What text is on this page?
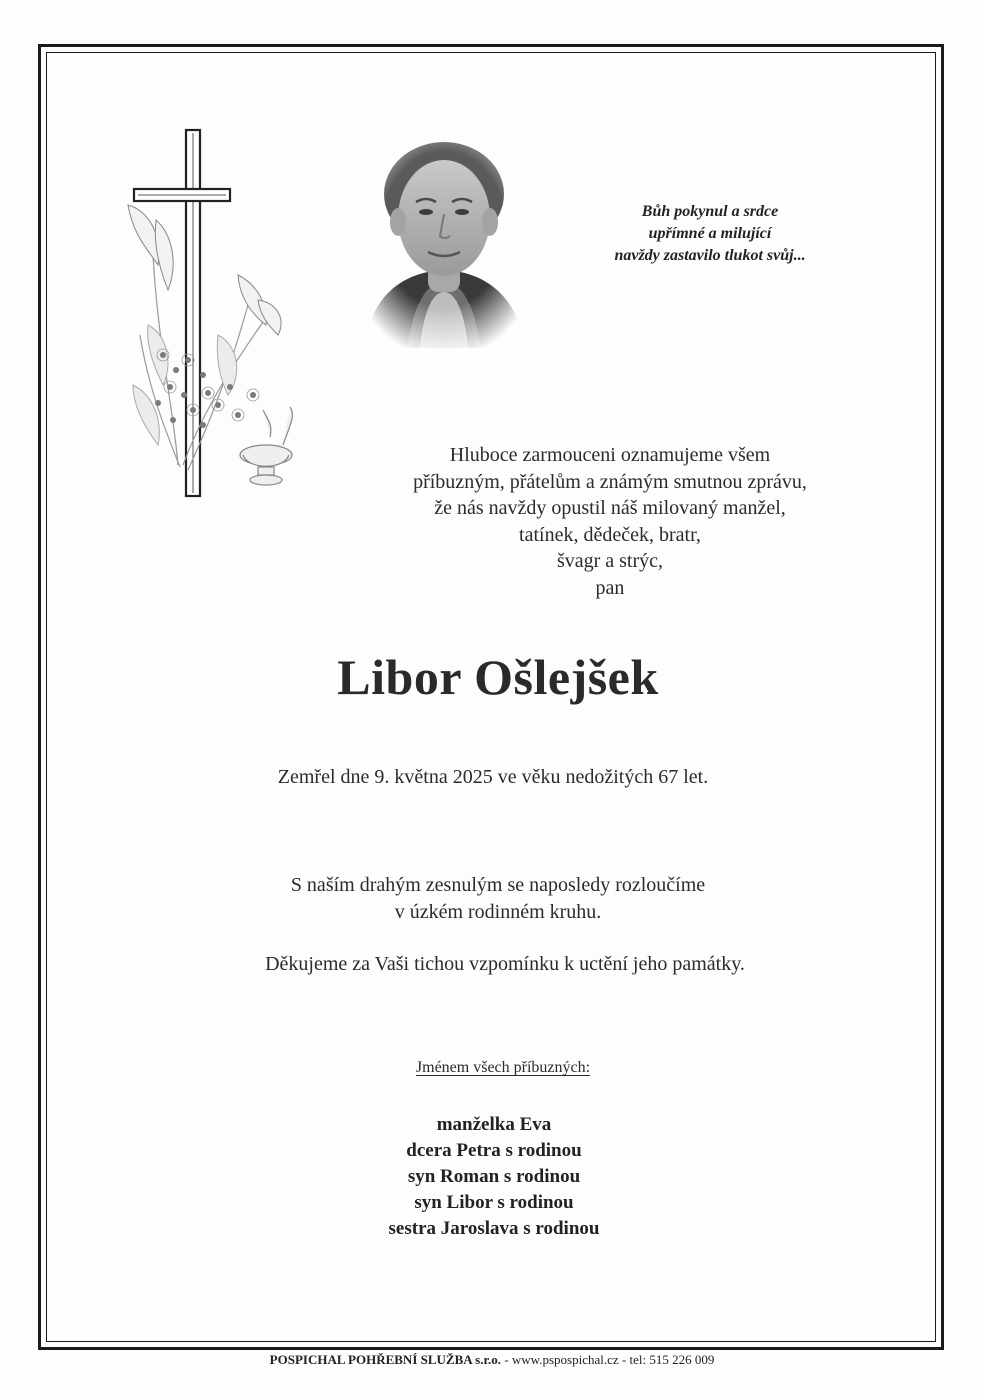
Bůh pokynul a srdce
upřímné a milující
navždy zastavilo tlukot svůj...
Hluboce zarmouceni oznamujeme všem
příbuzným, přátelům a známým smutnou zprávu,
že nás navždy opustil náš milovaný manžel,
tatínek, dědeček, bratr,
švagr a strýc,
pan
Libor Ošlejšek
Zemřel dne 9. května 2025 ve věku nedožitých 67 let.
S naším drahým zesnulým se naposledy rozloučíme
v úzkém rodinném kruhu.
Děkujeme za Vaši tichou vzpomínku k uctění jeho památky.
Jménem všech příbuzných:
manželka Eva
dcera Petra s rodinou
syn Roman s rodinou
syn Libor s rodinou
sestra Jaroslava s rodinou
POSPICHAL POHŘEBNÍ SLUŽBA s.r.o. - www.pspospichal.cz - tel: 515 226 009
